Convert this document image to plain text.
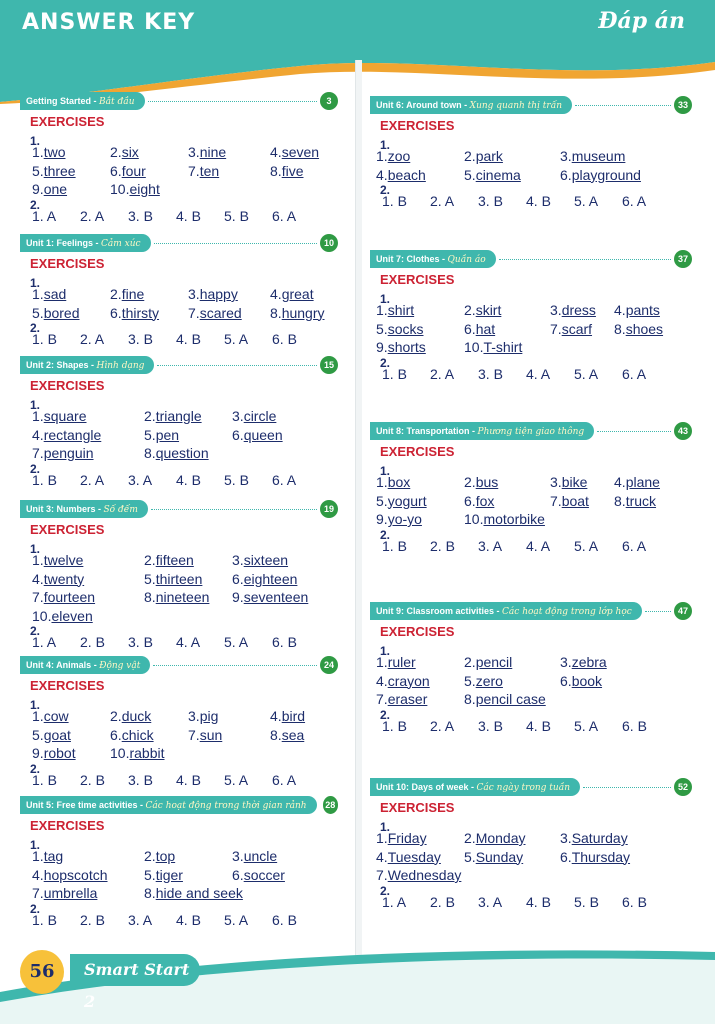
ANSWER KEY	Đáp án
Getting Started - Bắt đầu	3
EXERCISES
1.
1.two	2.six	3.nine	4.seven
5.three 6.four	7.ten	8.five
9.one	10.eight
2.
1. A 2. A 3. B 4. B 5. B 6. A
Unit 1: Feelings - Cảm xúc	10
EXERCISES
1.
1.sad	2.fine	3.happy 4.great
5.bored 6.thirsty 7.scared 8.hungry
2.
1. B 2. A 3. B 4. B 5. A 6. B
Unit 2: Shapes - Hình dạng	15
EXERCISES
1.
1.square	2.triangle 3.circle
4.rectangle	5.pen	6.queen
7.penguin	8.question
2.
1. B 2. A 3. A 4. B 5. B 6. A
Unit 3: Numbers - Số đếm	19
EXERCISES
1.
1.twelve	2.fifteen	3.sixteen
4.twenty	5.thirteen 6.eighteen
7.fourteen	8.nineteen 9.seventeen
10.eleven
2.
1. A 2. B 3. B 4. A 5. A 6. B
Unit 4: Animals - Động vật	24
EXERCISES
1.
1.cow	2.duck	3.pig	4.bird
5.goat	6.chick 7.sun	8.sea
9.robot 10.rabbit
2.
1. B 2. B 3. B 4. B 5. A 6. A
Unit 5: Free time activities - Các hoạt động trong thời gian rảnh	28
EXERCISES
1.
1.tag	2.top	3.uncle
4.hopscotch	5.tiger	6.soccer
7.umbrella	8.hide and seek
2.
1. B 2. B 3. A 4. B 5. A 6. B
Unit 6: Around town - Xung quanh thị trấn	33
EXERCISES
1.
1.zoo	2.park	3.museum
4.beach	5.cinema	6.playground
2.
1. B 2. A 3. B 4. B 5. A 6. A
Unit 7: Clothes - Quần áo	37
EXERCISES
1.
1.shirt	2.skirt	3.dress 4.pants
5.socks	6.hat	7.scarf 8.shoes
9.shorts	10.T-shirt
2.
1. B 2. A 3. B 4. A 5. A 6. A
Unit 8: Transportation - Phương tiện giao thông	43
EXERCISES
1.
1.box	2.bus	3.bike 4.plane
5.yogurt	6.fox	7.boat 8.truck
9.yo-yo	10.motorbike
2.
1. B 2. B 3. A 4. A 5. A 6. A
Unit 9: Classroom activities - Các hoạt động trong lớp học	47
EXERCISES
1.
1.ruler	2.pencil	3.zebra
4.crayon 5.zero	6.book
7.eraser	8.pencil case
2.
1. B 2. A 3. B 4. B 5. A 6. B
Unit 10: Days of week - Các ngày trong tuần	52
EXERCISES
1.
1.Friday	2.Monday 3.Saturday
4.Tuesday 5.Sunday	6.Thursday
7.Wednesday
2.
1. A 2. B 3. A 4. B 5. B 6. B
56	Smart Start 2
